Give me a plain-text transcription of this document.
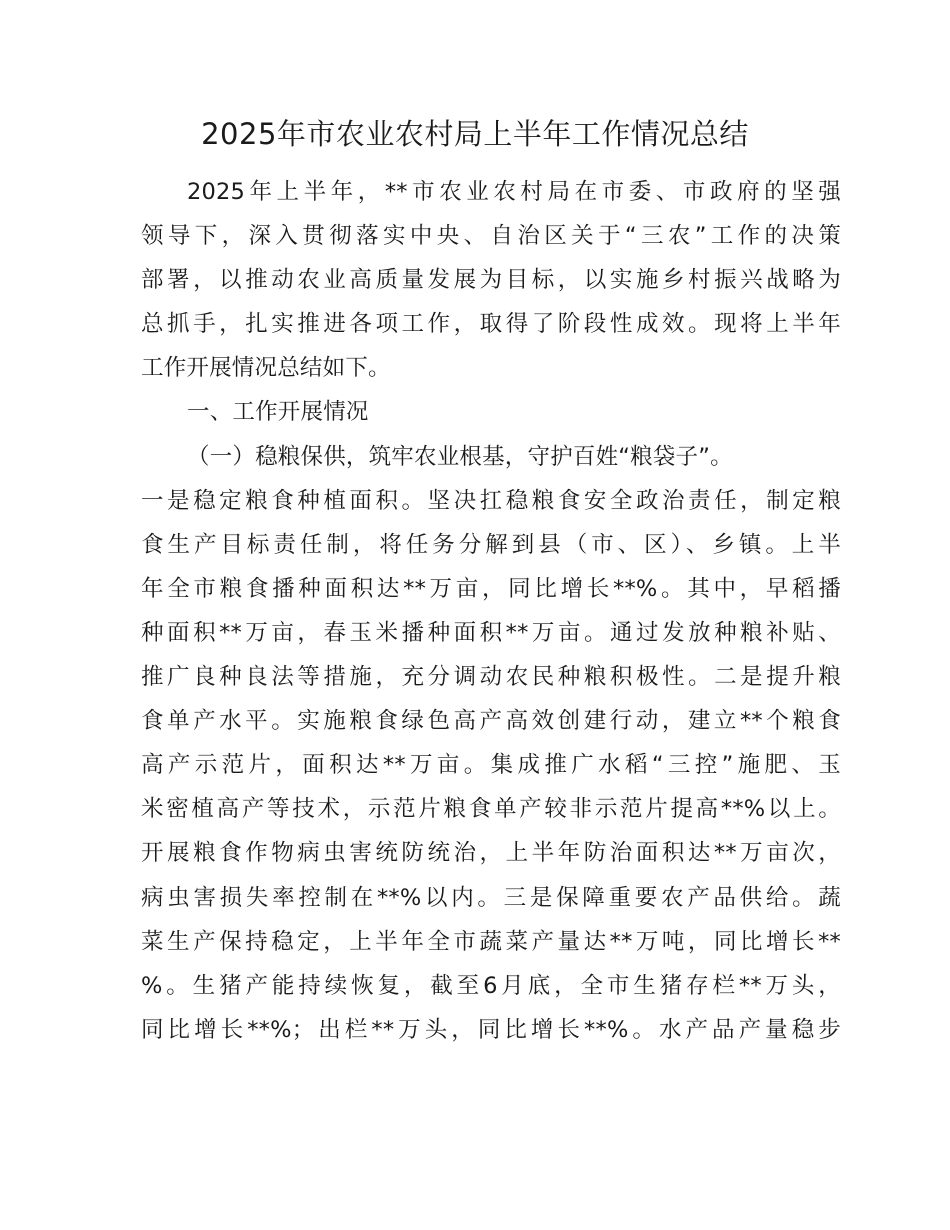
2025年市农业农村局上半年工作情况总结
2025年上半年，**市农业农村局在市委、市政府的坚强
领导下，深入贯彻落实中央、自治区关于“三农”工作的决策
部署，以推动农业高质量发展为目标，以实施乡村振兴战略为
总抓手，扎实推进各项工作，取得了阶段性成效。现将上半年
工作开展情况总结如下。
一、工作开展情况
（一）稳粮保供，筑牢农业根基，守护百姓“粮袋子”。
一是稳定粮食种植面积。坚决扛稳粮食安全政治责任，制定粮
食生产目标责任制，将任务分解到县（市、区）、乡镇。上半
年全市粮食播种面积达**万亩，同比增长**%。其中，早稻播
种面积**万亩，春玉米播种面积**万亩。通过发放种粮补贴、
推广良种良法等措施，充分调动农民种粮积极性。二是提升粮
食单产水平。实施粮食绿色高产高效创建行动，建立**个粮食
高产示范片，面积达**万亩。集成推广水稻“三控”施肥、玉
米密植高产等技术，示范片粮食单产较非示范片提高**%以上。
开展粮食作物病虫害统防统治，上半年防治面积达**万亩次，
病虫害损失率控制在**%以内。三是保障重要农产品供给。蔬
菜生产保持稳定，上半年全市蔬菜产量达**万吨，同比增长**
%。生猪产能持续恢复，截至6月底，全市生猪存栏**万头，
同比增长**%；出栏**万头，同比增长**%。水产品产量稳步
